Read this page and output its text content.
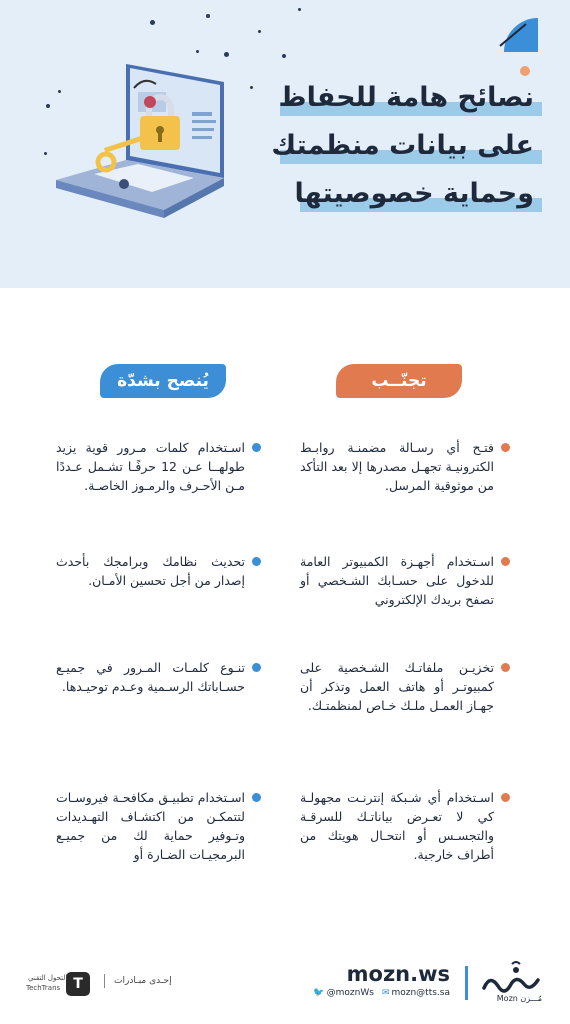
نصائح هامة للحفاظ
على بيانات منظمتك
وحماية خصوصيتها
تجنّــب
يُنصح بشدّة
فتـح أي رسـالة مضمنـة روابـط الكترونيـة تجهـل مصدرها إلا بعد التأكد من موثوقية المرسل.
اسـتخدام أجهـزة الكمبيوتر العامة للدخول على حسـابك الشـخصي أو تصفح بريدك الإلكتروني
تخزيـن ملفاتـك الشـخصية على كمبيوتـر أو هاتف العمل وتذكر أن جهـاز العمـل ملـك خـاص لمنظمتـك.
اسـتخدام أي شـبكة إنترنـت مجهولـة كي لا تعـرض بياناتـك للسرقـة والتجسـس أو انتحـال هويتك من أطراف خارجية.
اسـتخدام كلمات مـرور قوية يزيد طولهــا عـن 12 حرفًـا تشـمل عـددًا مـن الأحـرف والرمـوز الخاصـة.
تحديث نظامك وبرامجك بأحدث إصدار من أجل تحسين الأمـان.
تنـوع كلمـات المـرور في جميـع حسـاباتك الرسـمية وعـدم توحيـدها.
اسـتخدام تطبيـق مكافحـة فيروسـات لتتمكـن من اكتشـاف التهـديدات وتـوفير حماية لك من جميـع البرمجيـات الضـارة أو
Mozn مُـــزن
mozn.ws
🐦 @moznWs ✉ mozn@tts.sa
إحـدى مبـادرات
T
التحول التقني
TechTrans
